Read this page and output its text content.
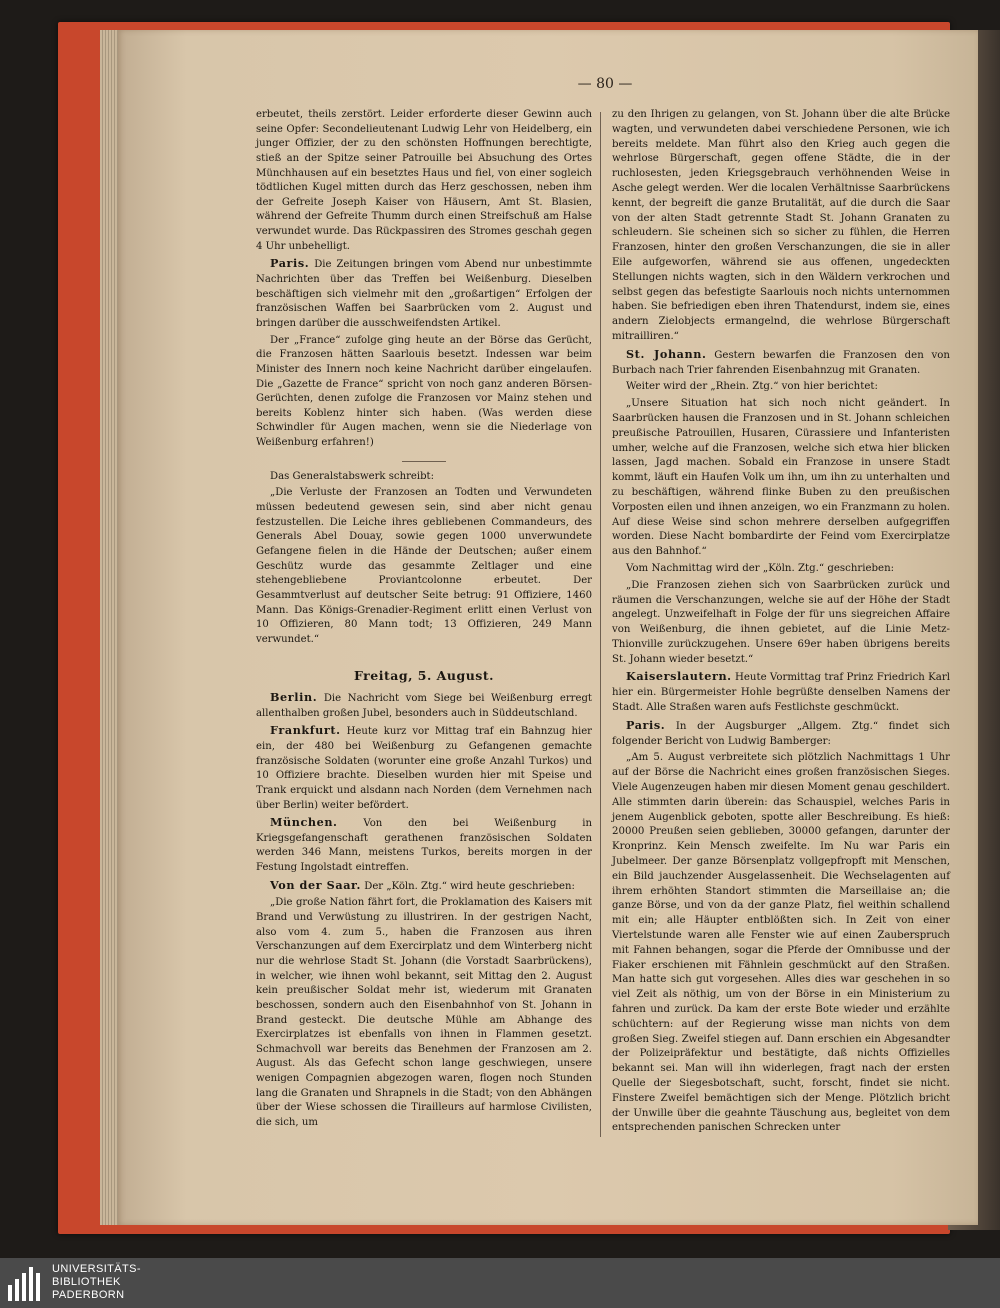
— 80 —

erbeutet, theils zerstört. Leider erforderte dieser Gewinn auch seine Opfer: Secondelieutenant Ludwig Lehr von Heidelberg, ein junger Offizier, der zu den schönsten Hoffnungen berechtigte, stieß an der Spitze seiner Patrouille bei Absuchung des Ortes Münchhausen auf ein besetztes Haus und fiel, von einer sogleich tödtlichen Kugel mitten durch das Herz geschossen, neben ihm der Gefreite Joseph Kaiser von Häusern, Amt St. Blasien, während der Gefreite Thumm durch einen Streifschuß am Halse verwundet wurde. Das Rückpassiren des Stromes geschah gegen 4 Uhr unbehelligt.

Paris. Die Zeitungen bringen vom Abend nur unbestimmte Nachrichten über das Treffen bei Weißenburg. Dieselben beschäftigen sich vielmehr mit den „großartigen“ Erfolgen der französischen Waffen bei Saarbrücken vom 2. August und bringen darüber die ausschweifendsten Artikel.

Der „France“ zufolge ging heute an der Börse das Gerücht, die Franzosen hätten Saarlouis besetzt. Indessen war beim Minister des Innern noch keine Nachricht darüber eingelaufen. Die „Gazette de France“ spricht von noch ganz anderen Börsen-Gerüchten, denen zufolge die Franzosen vor Mainz stehen und bereits Koblenz hinter sich haben. (Was werden diese Schwindler für Augen machen, wenn sie die Niederlage von Weißenburg erfahren!)

Das Generalstabswerk schreibt:

„Die Verluste der Franzosen an Todten und Verwundeten müssen bedeutend gewesen sein, sind aber nicht genau festzustellen. Die Leiche ihres gebliebenen Commandeurs, des Generals Abel Douay, sowie gegen 1000 unverwundete Gefangene fielen in die Hände der Deutschen; außer einem Geschütz wurde das gesammte Zeltlager und eine stehengebliebene Proviantcolonne erbeutet. Der Gesammtverlust auf deutscher Seite betrug: 91 Offiziere, 1460 Mann. Das Königs-Grenadier-Regiment erlitt einen Verlust von 10 Offizieren, 80 Mann todt; 13 Offizieren, 249 Mann verwundet.“

Freitag, 5. August.

Berlin. Die Nachricht vom Siege bei Weißenburg erregt allenthalben großen Jubel, besonders auch in Süddeutschland.

Frankfurt. Heute kurz vor Mittag traf ein Bahnzug hier ein, der 480 bei Weißenburg zu Gefangenen gemachte französische Soldaten (worunter eine große Anzahl Turkos) und 10 Offiziere brachte. Dieselben wurden hier mit Speise und Trank erquickt und alsdann nach Norden (dem Vernehmen nach über Berlin) weiter befördert.

München.	Von den bei Weißenburg in Kriegsgefangenschaft gerathenen französischen Soldaten werden 346 Mann, meistens Turkos, bereits morgen in der Festung Ingolstadt eintreffen.

Von der Saar. Der „Köln. Ztg.“ wird heute geschrieben:

„Die große Nation fährt fort, die Proklamation des Kaisers mit Brand und Verwüstung zu illustriren. In der gestrigen Nacht, also vom 4. zum 5., haben die Franzosen aus ihren Verschanzungen auf dem Exercirplatz und dem Winterberg nicht nur die wehrlose Stadt St. Johann (die Vorstadt Saarbrückens), in welcher, wie ihnen wohl bekannt, seit Mittag den 2. August kein preußischer Soldat mehr ist, wiederum mit Granaten beschossen, sondern auch den Eisenbahnhof von St. Johann in Brand gesteckt. Die deutsche Mühle am Abhange des Exercirplatzes ist ebenfalls von ihnen in Flammen gesetzt. Schmachvoll war bereits das Benehmen der Franzosen am 2. August. Als das Gefecht schon lange geschwiegen, unsere wenigen Compagnien abgezogen waren, flogen noch Stunden lang die Granaten und Shrapnels in die Stadt; von den Abhängen über der Wiese schossen die Tirailleurs auf harmlose Civilisten, die sich, um

zu den Ihrigen zu gelangen, von St. Johann über die alte Brücke wagten, und verwundeten dabei verschiedene Personen, wie ich bereits meldete. Man führt also den Krieg auch gegen die wehrlose Bürgerschaft, gegen offene Städte, die in der ruchlosesten, jeden Kriegsgebrauch verhöhnenden Weise in Asche gelegt werden. Wer die localen Verhältnisse Saarbrückens kennt, der begreift die ganze Brutalität, auf die durch die Saar von der alten Stadt getrennte Stadt St. Johann Granaten zu schleudern. Sie scheinen sich so sicher zu fühlen, die Herren Franzosen, hinter den großen Verschanzungen, die sie in aller Eile aufgeworfen, während sie aus offenen, ungedeckten Stellungen nichts wagten, sich in den Wäldern verkrochen und selbst gegen das befestigte Saarlouis noch nichts unternommen haben. Sie befriedigen eben ihren Thatendurst, indem sie, eines andern Zielobjects ermangelnd, die wehrlose Bürgerschaft mitrailliren.“

St. Johann. Gestern bewarfen die Franzosen den von Burbach nach Trier fahrenden Eisenbahnzug mit Granaten.

Weiter wird der „Rhein. Ztg.“ von hier berichtet:

„Unsere Situation hat sich noch nicht geändert. In Saarbrücken hausen die Franzosen und in St. Johann schleichen preußische Patrouillen, Husaren, Cürassiere und Infanteristen umher, welche auf die Franzosen, welche sich etwa hier blicken lassen, Jagd machen. Sobald ein Franzose in unsere Stadt kommt, läuft ein Haufen Volk um ihn, um ihn zu unterhalten und zu beschäftigen, während flinke Buben zu den preußischen Vorposten eilen und ihnen anzeigen, wo ein Franzmann zu holen. Auf diese Weise sind schon mehrere derselben aufgegriffen worden. Diese Nacht bombardirte der Feind vom Exercirplatze aus den Bahnhof.“

Vom Nachmittag wird der „Köln. Ztg.“ geschrieben:

„Die Franzosen ziehen sich von Saarbrücken zurück und räumen die Verschanzungen, welche sie auf der Höhe der Stadt angelegt. Unzweifelhaft in Folge der für uns siegreichen Affaire von Weißenburg, die ihnen gebietet, auf die Linie Metz-Thionville zurückzugehen. Unsere 69er haben übrigens bereits St. Johann wieder besetzt.“

Kaiserslautern. Heute Vormittag traf Prinz Friedrich Karl hier ein. Bürgermeister Hohle begrüßte denselben Namens der Stadt. Alle Straßen waren aufs Festlichste geschmückt.

Paris. In der Augsburger „Allgem. Ztg.“ findet sich folgender Bericht von Ludwig Bamberger:

„Am 5. August verbreitete sich plötzlich Nachmittags 1 Uhr auf der Börse die Nachricht eines großen französischen Sieges. Viele Augenzeugen haben mir diesen Moment genau geschildert. Alle stimmten darin überein: das Schauspiel, welches Paris in jenem Augenblick geboten, spotte aller Beschreibung. Es hieß: 20000 Preußen seien geblieben, 30000 gefangen, darunter der Kronprinz. Kein Mensch zweifelte. Im Nu war Paris ein Jubelmeer. Der ganze Börsenplatz vollgepfropft mit Menschen, ein Bild jauchzender Ausgelassenheit. Die Wechselagenten auf ihrem erhöhten Standort stimmten die Marseillaise an; die ganze Börse, und von da der ganze Platz, fiel weithin schallend mit ein; alle Häupter entblößten sich. In Zeit von einer Viertelstunde waren alle Fenster wie auf einen Zauberspruch mit Fahnen behangen, sogar die Pferde der Omnibusse und der Fiaker erschienen mit Fähnlein geschmückt auf den Straßen. Man hatte sich gut vorgesehen. Alles dies war geschehen in so viel Zeit als nöthig, um von der Börse in ein Ministerium zu fahren und zurück. Da kam der erste Bote wieder und erzählte schüchtern: auf der Regierung wisse man nichts von dem großen Sieg. Zweifel stiegen auf. Dann erschien ein Abgesandter der Polizeipräfektur und bestätigte, daß nichts Offizielles bekannt sei. Man will ihn widerlegen, fragt nach der ersten Quelle der Siegesbotschaft, sucht, forscht, findet sie nicht. Finstere Zweifel bemächtigen sich der Menge. Plötzlich bricht der Unwille über die geahnte Täuschung aus, begleitet von dem entsprechenden panischen Schrecken unter

UNIVERSITÄTS-
BIBLIOTHEK
PADERBORN
